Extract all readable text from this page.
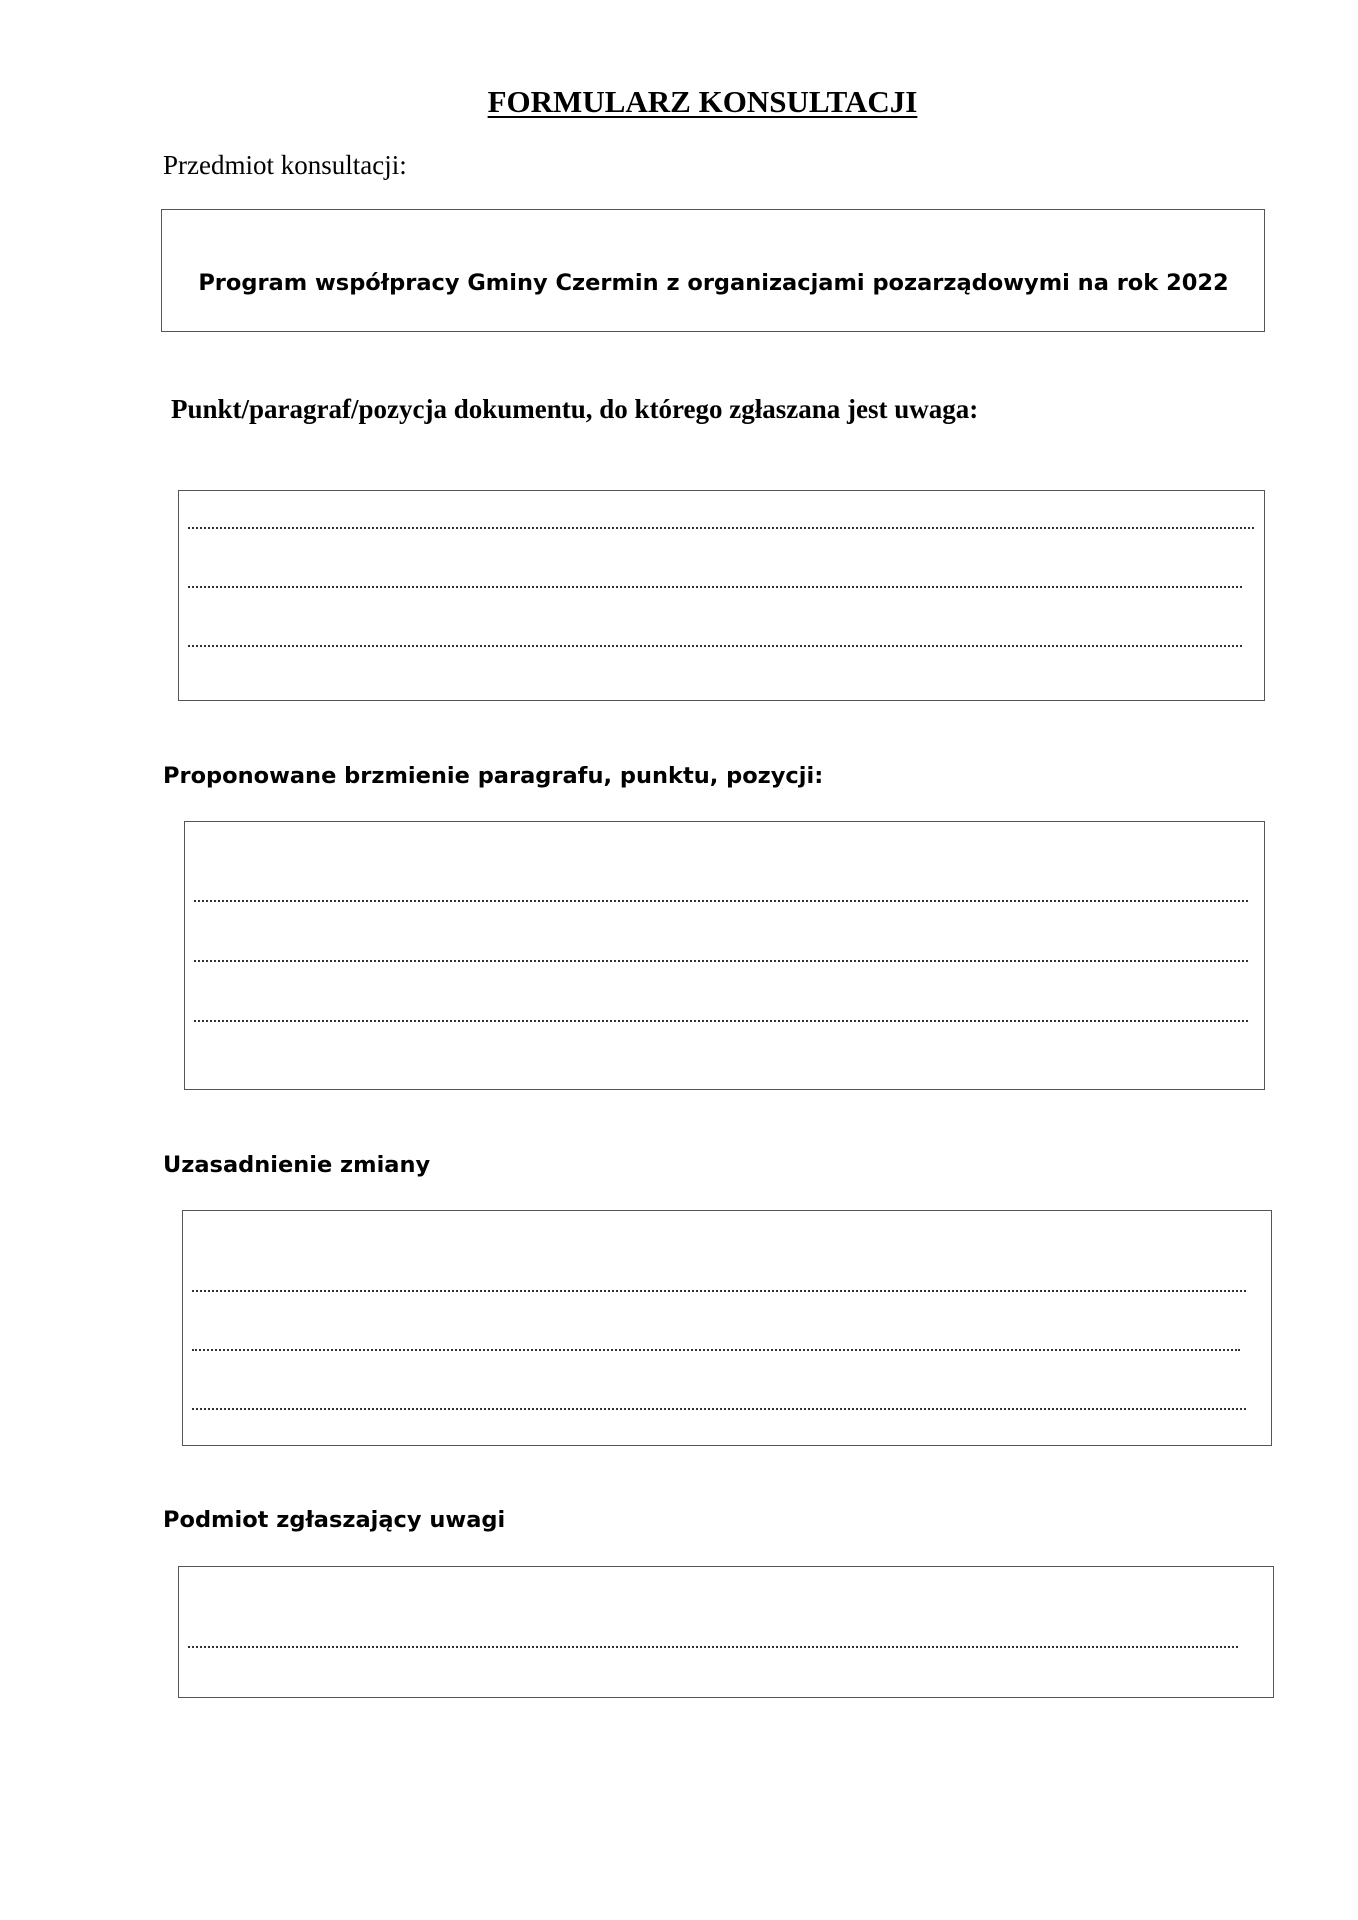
FORMULARZ KONSULTACJI
Przedmiot konsultacji:
Program współpracy Gminy Czermin z organizacjami pozarządowymi na rok 2022
Punkt/paragraf/pozycja dokumentu, do którego zgłaszana jest uwaga:
Proponowane brzmienie paragrafu, punktu, pozycji:
Uzasadnienie zmiany
Podmiot zgłaszający uwagi
